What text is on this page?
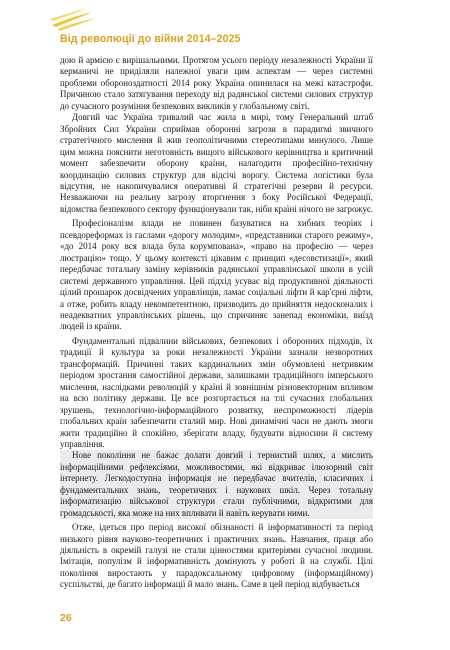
Від революції до війни 2014–2025

дою й армією є вирішальними. Протягом усього періоду незалежності України її керманичі не приділяли належної уваги цим аспектам — через системні проблеми обороноздатності 2014 року Україна опинилася на межі катастрофи. Причиною стало затягування переходу від радянської системи силових структур до сучасного розуміння безпекових викликів у глобальному світі.

Довгий час Україна тривалий час жила в мирі, тому Генеральний штаб Збройних Сил України сприймав оборонні загрози в парадигмі звичного стратегічного мислення й жив геополітичними стереотипами минулого. Лише цим можна пояснити неготовність вищого військового керівництва в критичний момент забезпечити оборону країни, налагодити професійно-технічну координацію силових структур для відсічі ворогу. Система логістики була відсутня, не накопичувалися оперативні й стратегічні резерви й ресурси. Незважаючи на реальну загрозу вторгнення з боку Російської Федерації, відомства безпекового сектору функціонували так, ніби країні нічого не загрожує.

Професіоналізм влади не повинен базуватися на хибних теоріях і псевдореформах із гаслами «дорогу молодим», «представники старого режиму», «до 2014 року вся влада була корумпована», «право на професію — через люстрацію» тощо. У цьому контексті цікавим є принцип «десовєтизації», який передбачає тотальну заміну керівників радянської управлінської школи в усій системі державного управління. Цей підхід усуває від продуктивної діяльності цілий прошарок досвідчених управлінців, ламає соціальні ліфти й кар'єрні ліфти, а отже, робить владу некомпетентною, призводить до прийняття недосконалих і неадекватних управлінських рішень, що спричиняє занепад економіки, виїзд людей із країни.

Фундаментальні підвалини військових, безпекових і оборонних підходів, їх традиції й культура за роки незалежності України зазнали незворотних трансформацій. Причинні таких кардинальних змін обумовлені нетривким періодом зростання самостійної держави, залишками традиційного імперського мислення, наслідками революцій у країні й зовнішнім різновекторним впливом на всю політику держави. Це все розгортається на тлі сучасних глобальних зрушень, технологічно-інформаційного розвитку, неспроможності лідерів глобальних країн забезпечити сталий мир. Нові динамічні часи не дають змоги жити традиційно й спокійно, зберігати владу, будувати відносини й систему управління.

Нове покоління не бажає долати довгий і тернистий шлях, а мислить інформаційними рефлексіями, можливостями, які відкриває ілюзорний світ інтернету. Легкодоступна інформація не передбачає вчителів, класичних і фундаментальних знань, теоретичних і наукових шкіл. Через тотальну інформатизацію військової структури стали публічними, відкритими для громадськості, яка може на них впливати й навіть керувати ними.

Отже, ідеться про період високої обізнаності й інформативності та період низького рівня науково-теоретичних і практичних знань. Навчання, праця або діяльність в окремій галузі не стали цінностями критеріями сучасної людини. Імітація, популізм й інформативність домінують у роботі й на службі. Цілі покоління виростають у парадоксальному цифровому (інформаційному) суспільстві, де багато інформації й мало знань. Саме в цей період відбувається

26
